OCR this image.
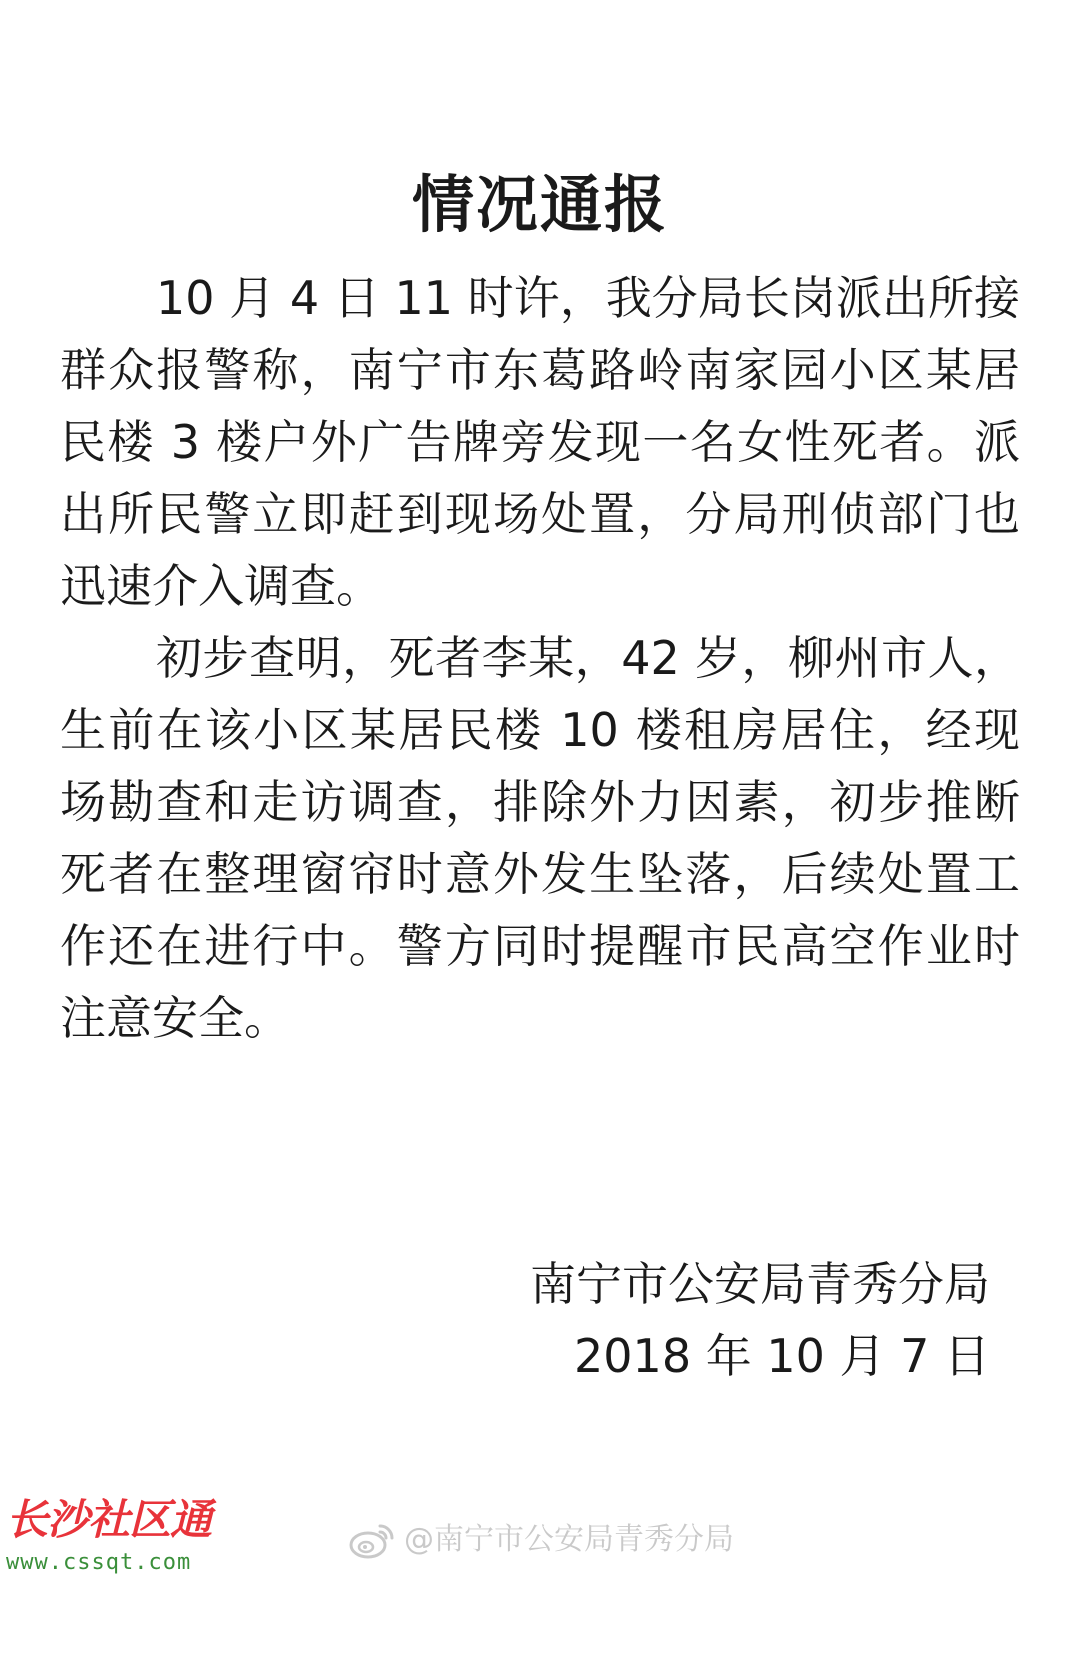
情况通报

10 月 4 日 11 时许，我分局长岗派出所接群众报警称，南宁市东葛路岭南家园小区某居民楼 3 楼户外广告牌旁发现一名女性死者。派出所民警立即赶到现场处置，分局刑侦部门也迅速介入调查。

初步查明，死者李某，42 岁，柳州市人，生前在该小区某居民楼 10 楼租房居住，经现场勘查和走访调查，排除外力因素，初步推断死者在整理窗帘时意外发生坠落，后续处置工作还在进行中。警方同时提醒市民高空作业时注意安全。

南宁市公安局青秀分局
2018 年 10 月 7 日
长沙社区通
www.cssqt.com
@南宁市公安局青秀分局
